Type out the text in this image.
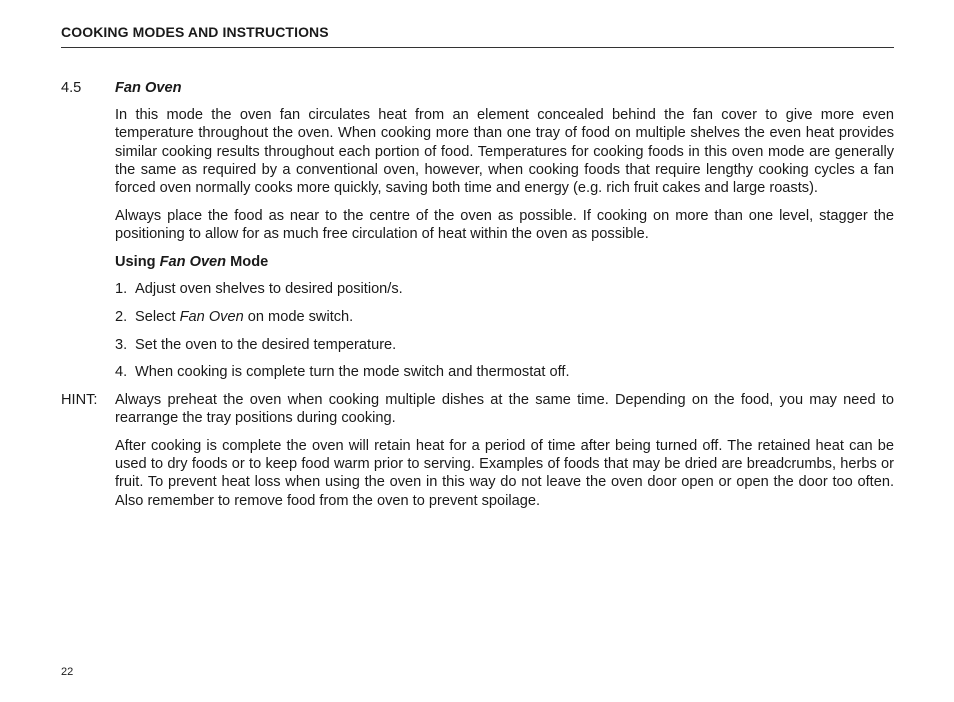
COOKING MODES AND INSTRUCTIONS
4.5	Fan Oven

In this mode the oven fan circulates heat from an element concealed behind the fan cover to give more even temperature throughout the oven. When cooking more than one tray of food on multiple shelves the even heat provides similar cooking results throughout each portion of food. Temperatures for cooking foods in this oven mode are generally the same as required by a conventional oven, however, when cooking foods that require lengthy cooking cycles a fan forced oven normally cooks more quickly, saving both time and energy (e.g. rich fruit cakes and large roasts).

Always place the food as near to the centre of the oven as possible. If cooking on more than one level, stagger the positioning to allow for as much free circulation of heat within the oven as possible.

Using Fan Oven Mode
1. Adjust oven shelves to desired position/s.
2. Select Fan Oven on mode switch.
3. Set the oven to the desired temperature.
4. When cooking is complete turn the mode switch and thermostat off.
HINT:	Always preheat the oven when cooking multiple dishes at the same time. Depending on the food, you may need to rearrange the tray positions during cooking.

After cooking is complete the oven will retain heat for a period of time after being turned off. The retained heat can be used to dry foods or to keep food warm prior to serving. Examples of foods that may be dried are breadcrumbs, herbs or fruit. To prevent heat loss when using the oven in this way do not leave the oven door open or open the door too often. Also remember to remove food from the oven to prevent spoilage.

22
